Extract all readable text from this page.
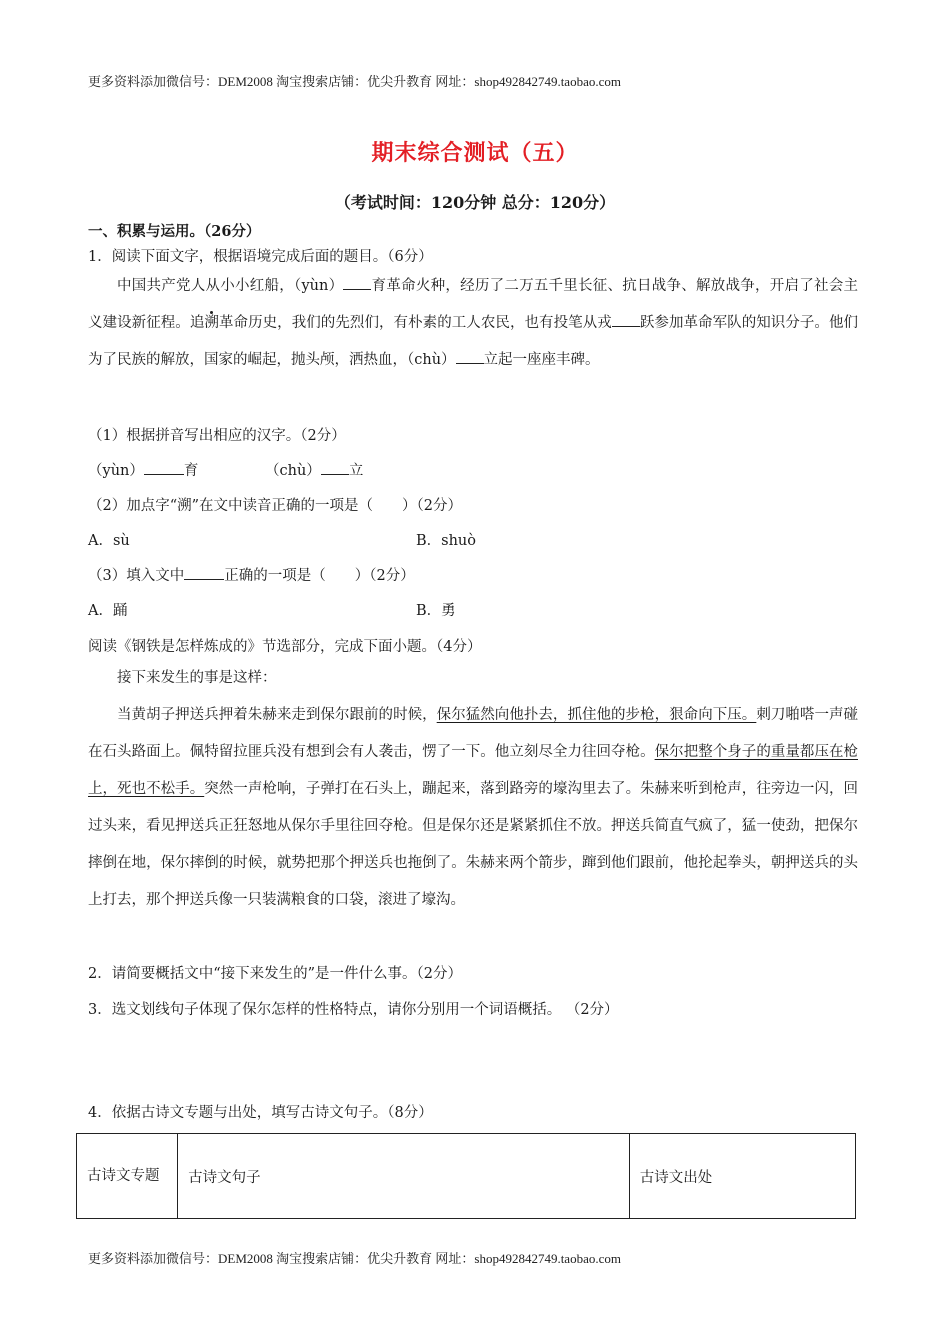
更多资料添加微信号：DEM2008 淘宝搜索店铺：优尖升教育 网址：shop492842749.taobao.com
期末综合测试（五）
（考试时间：120分钟 总分：120分）
一、积累与运用。（26分）
1．阅读下面文字，根据语境完成后面的题目。（6分）

中国共产党人从小小红船，（yùn） 育革命火种，经历了二万五千里长征、抗日战争、解放战争，开启了社会主义建设新征程。追溯革命历史，我们的先烈们，有朴素的工人农民，也有投笔从戎 跃参加革命军队的知识分子。他们为了民族的解放，国家的崛起，抛头颅，洒热血，（chù） 立起一座座丰碑。

（1）根据拼音写出相应的汉字。（2分）
（yùn）	育	（chù） 立
（2）加点字“溯”在文中读音正确的一项是（　　）（2分）
A．sù	B．shuò
（3）填入文中	正确的一项是（　　）（2分）
A．踊	B．勇
阅读《钢铁是怎样炼成的》节选部分，完成下面小题。（4分）

接下来发生的事是这样：

当黄胡子押送兵押着朱赫来走到保尔跟前的时候，保尔猛然向他扑去，抓住他的步枪，狠命向下压。刺刀啪嗒一声碰在石头路面上。佩特留拉匪兵没有想到会有人袭击，愣了一下。他立刻尽全力往回夺枪。保尔把整个身子的重量都压在枪上，死也不松手。突然一声枪响，子弹打在石头上，蹦起来，落到路旁的壕沟里去了。朱赫来听到枪声，往旁边一闪，回过头来，看见押送兵正狂怒地从保尔手里往回夺枪。但是保尔还是紧紧抓住不放。押送兵简直气疯了，猛一使劲，把保尔摔倒在地，保尔摔倒的时候，就势把那个押送兵也拖倒了。朱赫来两个箭步，蹿到他们跟前，他抡起拳头，朝押送兵的头上打去，那个押送兵像一只装满粮食的口袋，滚进了壕沟。

2．请简要概括文中“接下来发生的”是一件什么事。（2分）
3．选文划线句子体现了保尔怎样的性格特点，请你分别用一个词语概括。 （2分）
4．依据古诗文专题与出处，填写古诗文句子。（8分）
古诗文专题	古诗文句子	古诗文出处
更多资料添加微信号：DEM2008 淘宝搜索店铺：优尖升教育 网址：shop492842749.taobao.com
